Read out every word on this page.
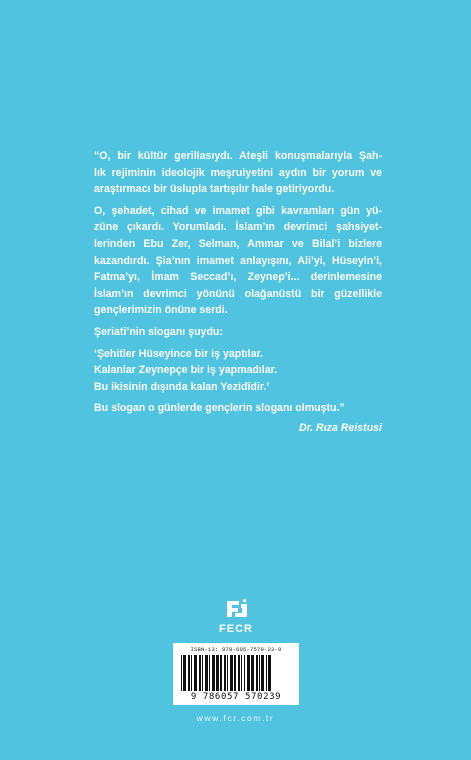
“O, bir kültür gerillasıydı. Ateşli konuşmalarıyla Şah-
lık rejiminin ideolojik meşruiyetini aydın bir yorum ve
araştırmacı bir üslupla tartışılır hale getiriyordu.
O, şehadet, cihad ve imamet gibi kavramları gün yü-
züne çıkardı. Yorumladı. İslam’ın devrimci şahsiyet-
lerinden Ebu Zer, Selman, Ammar ve Bilal’i bizlere
kazandırdı. Şia’nın imamet anlayışını, Ali’yi, Hüseyin’i,
Fatma’yı, İmam Seccad’ı, Zeynep’i... derinlemesine
İslam’ın devrimci yönünü olağanüstü bir güzellikle
gençlerimizin önüne serdi.
Şeriati’nin sloganı şuydu:
‘Şehitler Hüseyince bir iş yaptılar.
Kalanlar Zeynepçe bir iş yapmadılar.
Bu ikisinin dışında kalan Yezidîdir.’
Bu slogan o günlerde gençlerin sloganı olmuştu.”
Dr. Rıza Reistusi
FECR
ISBN-13: 978-605-7570-23-9
9 786057 570239
www.fcr.com.tr
